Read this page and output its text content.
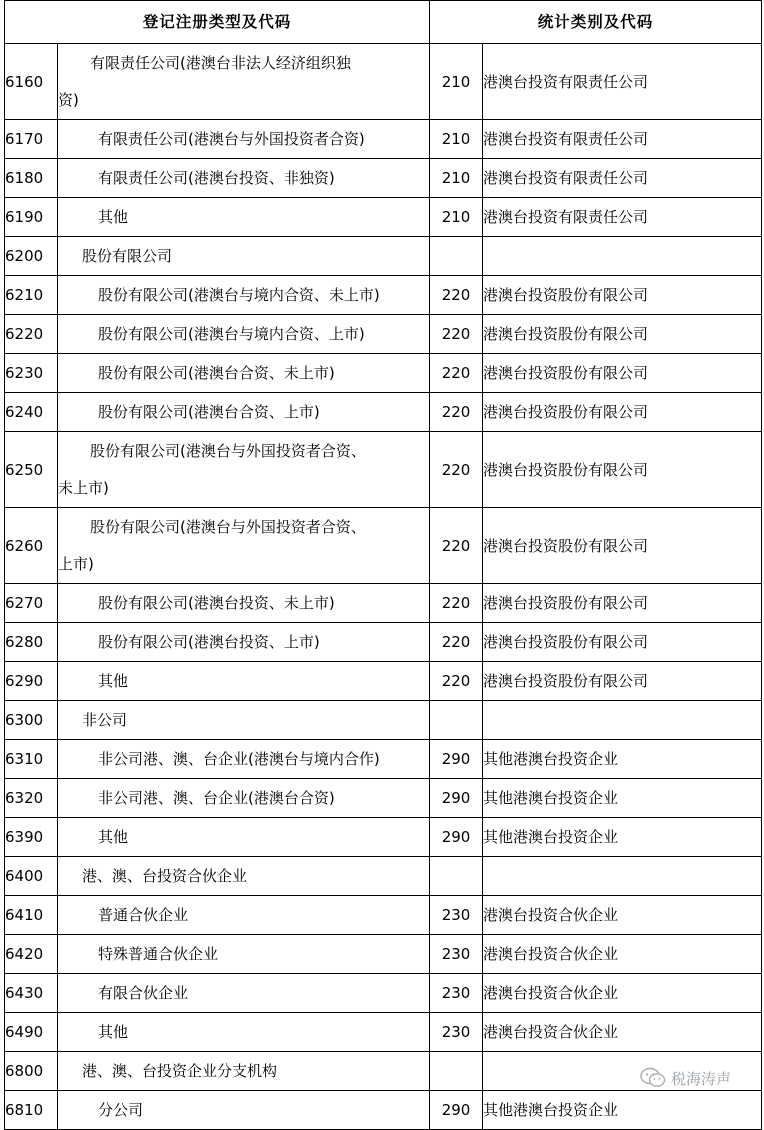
登记注册类型及代码		统计类别及代码	
6160	有限责任公司(港澳台非法人经济组织独
资)	210	港澳台投资有限责任公司
6170	有限责任公司(港澳台与外国投资者合资)	210	港澳台投资有限责任公司
6180	有限责任公司(港澳台投资、非独资)	210	港澳台投资有限责任公司
6190	其他	210	港澳台投资有限责任公司
6200	股份有限公司		
6210	股份有限公司(港澳台与境内合资、未上市)	220	港澳台投资股份有限公司
6220	股份有限公司(港澳台与境内合资、上市)	220	港澳台投资股份有限公司
6230	股份有限公司(港澳台合资、未上市)	220	港澳台投资股份有限公司
6240	股份有限公司(港澳台合资、上市)	220	港澳台投资股份有限公司
6250	股份有限公司(港澳台与外国投资者合资、
未上市)	220	港澳台投资股份有限公司
6260	股份有限公司(港澳台与外国投资者合资、
上市)	220	港澳台投资股份有限公司
6270	股份有限公司(港澳台投资、未上市)	220	港澳台投资股份有限公司
6280	股份有限公司(港澳台投资、上市)	220	港澳台投资股份有限公司
6290	其他	220	港澳台投资股份有限公司
6300	非公司		
6310	非公司港、澳、台企业(港澳台与境内合作)	290	其他港澳台投资企业
6320	非公司港、澳、台企业(港澳台合资)	290	其他港澳台投资企业
6390	其他	290	其他港澳台投资企业
6400	港、澳、台投资合伙企业		
6410	普通合伙企业	230	港澳台投资合伙企业
6420	特殊普通合伙企业	230	港澳台投资合伙企业
6430	有限合伙企业	230	港澳台投资合伙企业
6490	其他	230	港澳台投资合伙企业
6800	港、澳、台投资企业分支机构		
6810	分公司	290	其他港澳台投资企业
税海涛声
